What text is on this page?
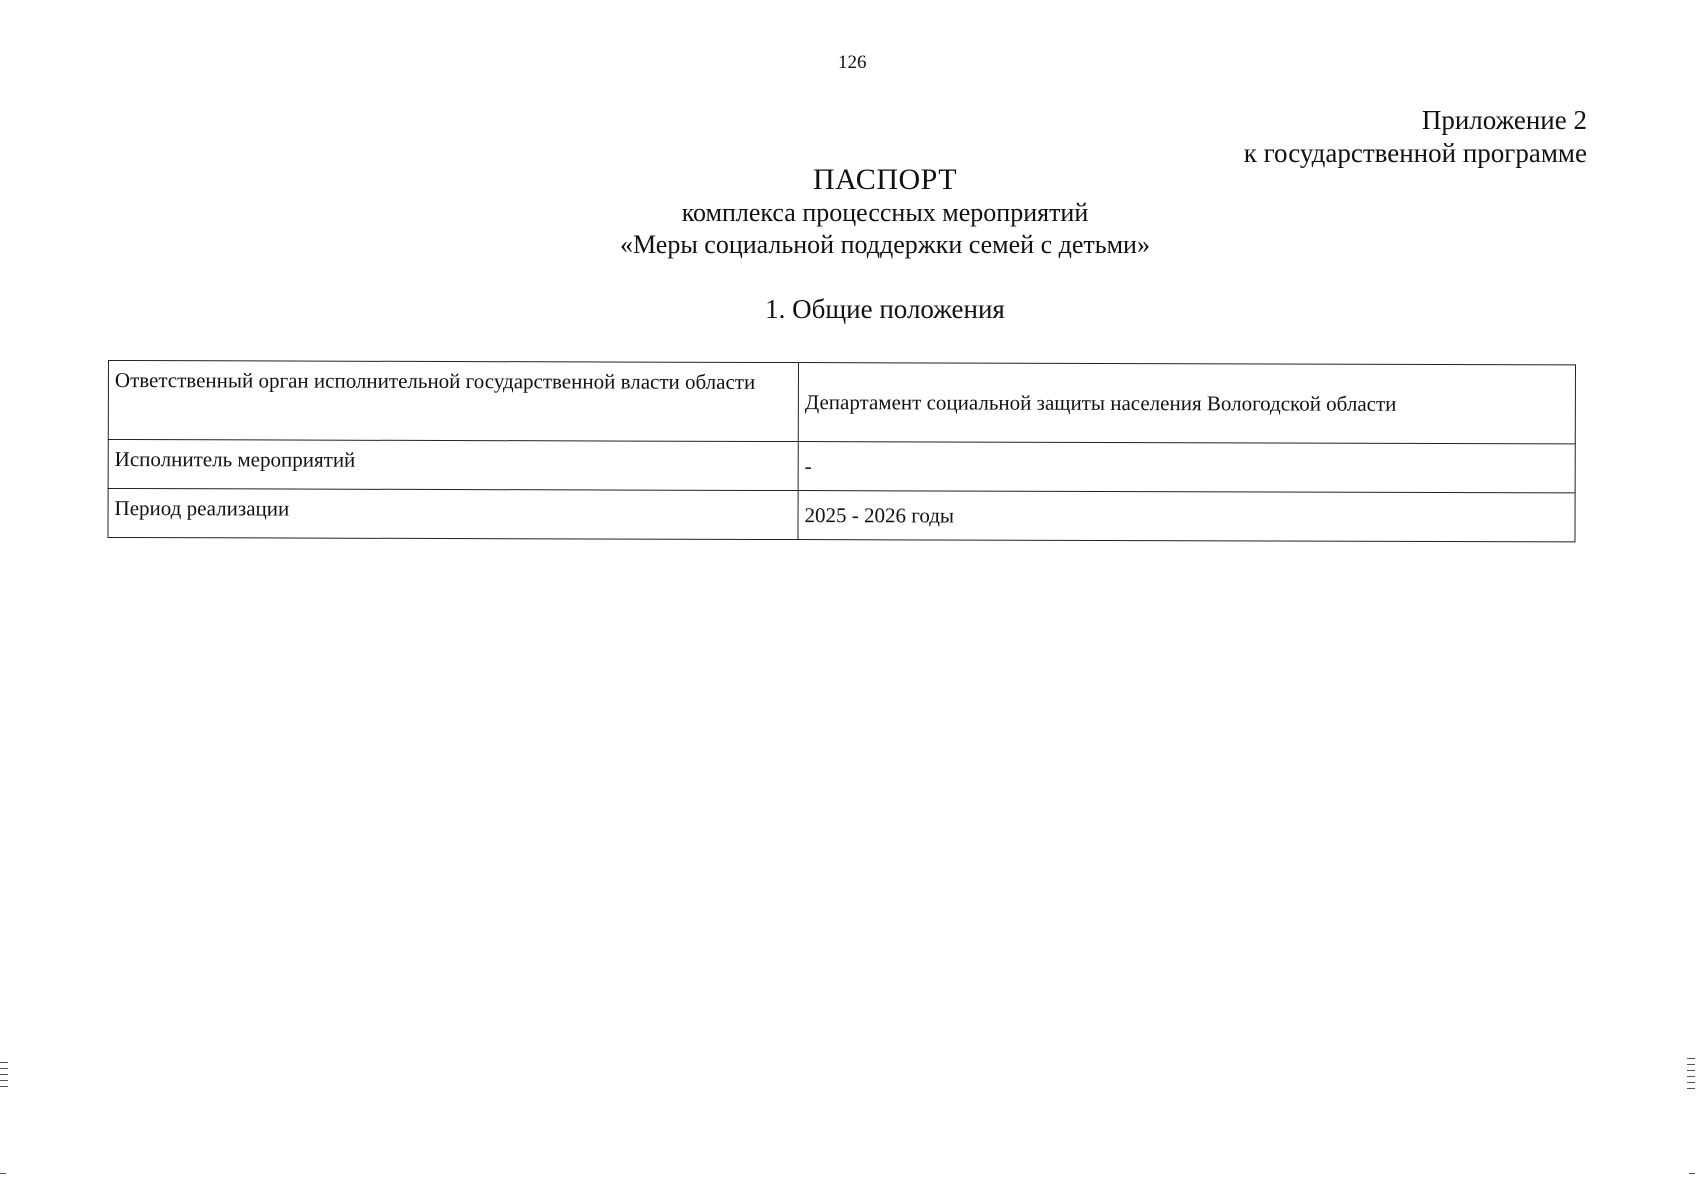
126
Приложение 2
к государственной программе
ПАСПОРТ
комплекса процессных мероприятий
«Меры социальной поддержки семей с детьми»
1. Общие положения
Ответственный орган исполнительной государственной власти области	Департамент социальной защиты населения Вологодской области
Исполнитель мероприятий	-
Период реализации	2025 - 2026 годы
